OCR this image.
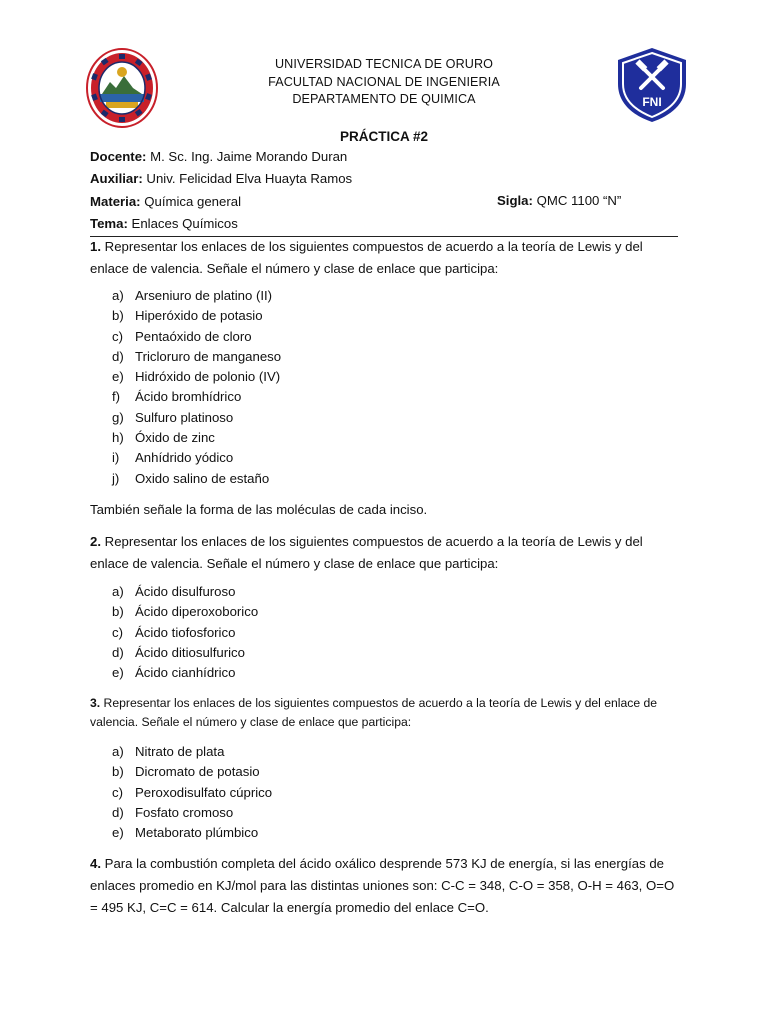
UNIVERSIDAD TECNICA DE ORURO
FACULTAD NACIONAL DE INGENIERIA
DEPARTAMENTO DE QUIMICA	FNI
PRÁCTICA #2
Docente: M. Sc. Ing. Jaime Morando Duran
Auxiliar: Univ. Felicidad Elva Huayta Ramos
Materia: Química general	Sigla: QMC 1100 “N”
Tema: Enlaces Químicos
1. Representar los enlaces de los siguientes compuestos de acuerdo a la teoría de Lewis y del enlace de valencia. Señale el número y clase de enlace que participa:
a) Arseniuro de platino (II)
b) Hiperóxido de potasio
c) Pentaóxido de cloro
d) Tricloruro de manganeso
e) Hidróxido de polonio (IV)
f) Ácido bromhídrico
g) Sulfuro platinoso
h) Óxido de zinc
i) Anhídrido yódico
j) Oxido salino de estaño
También señale la forma de las moléculas de cada inciso.
2. Representar los enlaces de los siguientes compuestos de acuerdo a la teoría de Lewis y del enlace de valencia. Señale el número y clase de enlace que participa:
a) Ácido disulfuroso
b) Ácido diperoxoborico
c) Ácido tiofosforico
d) Ácido ditiosulfurico
e) Ácido cianhídrico
3. Representar los enlaces de los siguientes compuestos de acuerdo a la teoría de Lewis y del enlace de valencia. Señale el número y clase de enlace que participa:
a) Nitrato de plata
b) Dicromato de potasio
c) Peroxodisulfato cúprico
d) Fosfato cromoso
e) Metaborato plúmbico
4. Para la combustión completa del ácido oxálico desprende 573 KJ de energía, si las energías de enlaces promedio en KJ/mol para las distintas uniones son: C-C = 348, C-O = 358, O-H = 463, O=O = 495 KJ, C=C = 614. Calcular la energía promedio del enlace C=O.
